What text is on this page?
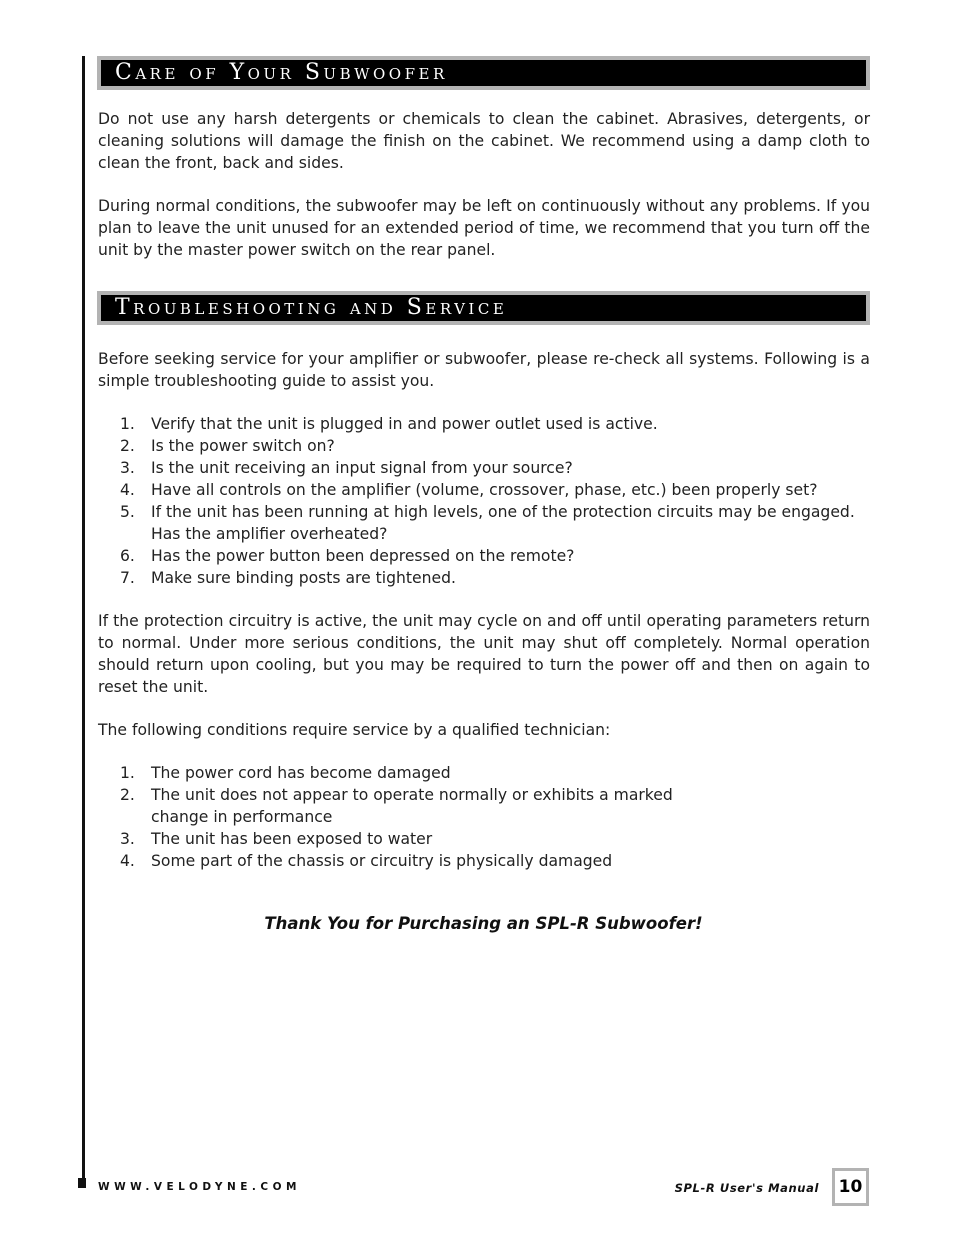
Care of Your Subwoofer

Do not use any harsh detergents or chemicals to clean the cabinet. Abrasives, detergents, or cleaning solutions will damage the finish on the cabinet. We recommend using a damp cloth to clean the front, back and sides.

During normal conditions, the subwoofer may be left on continuously without any problems. If you plan to leave the unit unused for an extended period of time, we recommend that you turn off the unit by the master power switch on the rear panel.

Troubleshooting and Service

Before seeking service for your amplifier or subwoofer, please re-check all systems. Following is a simple troubleshooting guide to assist you.

1.	Verify that the unit is plugged in and power outlet used is active.
2.	Is the power switch on?
3.	Is the unit receiving an input signal from your source?
4.	Have all controls on the amplifier (volume, crossover, phase, etc.) been properly set?
5.	If the unit has been running at high levels, one of the protection circuits may be engaged. Has the amplifier overheated?
6.	Has the power button been depressed on the remote?
7.	Make sure binding posts are tightened.

If the protection circuitry is active, the unit may cycle on and off until operating parameters return to normal. Under more serious conditions, the unit may shut off completely. Normal operation should return upon cooling, but you may be required to turn the power off and then on again to reset the unit.

The following conditions require service by a qualified technician:

1.	The power cord has become damaged
2.	The unit does not appear to operate normally or exhibits a marked change in performance
3.	The unit has been exposed to water
4.	Some part of the chassis or circuitry is physically damaged
Thank You for Purchasing an SPL-R Subwoofer!
WWW.VELODYNE.COM	SPL-R User's Manual 10
